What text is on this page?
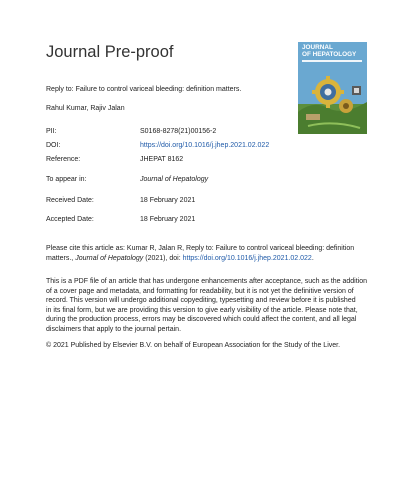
Journal Pre-proof	JOURNAL
OF HEPATOLOGY
Reply to: Failure to control variceal bleeding: definition matters.
Rahul Kumar, Rajiv Jalan
PII:	S0168-8278(21)00156-2
DOI:	https://doi.org/10.1016/j.jhep.2021.02.022
Reference:	JHEPAT 8162
To appear in:	Journal of Hepatology
Received Date:	18 February 2021
Accepted Date:	18 February 2021
Please cite this article as: Kumar R, Jalan R, Reply to: Failure to control variceal bleeding: definition
matters., Journal of Hepatology (2021), doi: https://doi.org/10.1016/j.jhep.2021.02.022.
This is a PDF file of an article that has undergone enhancements after acceptance, such as the addition
of a cover page and metadata, and formatting for readability, but it is not yet the definitive version of
record. This version will undergo additional copyediting, typesetting and review before it is published
in its final form, but we are providing this version to give early visibility of the article. Please note that,
during the production process, errors may be discovered which could affect the content, and all legal
disclaimers that apply to the journal pertain.
© 2021 Published by Elsevier B.V. on behalf of European Association for the Study of the Liver.
